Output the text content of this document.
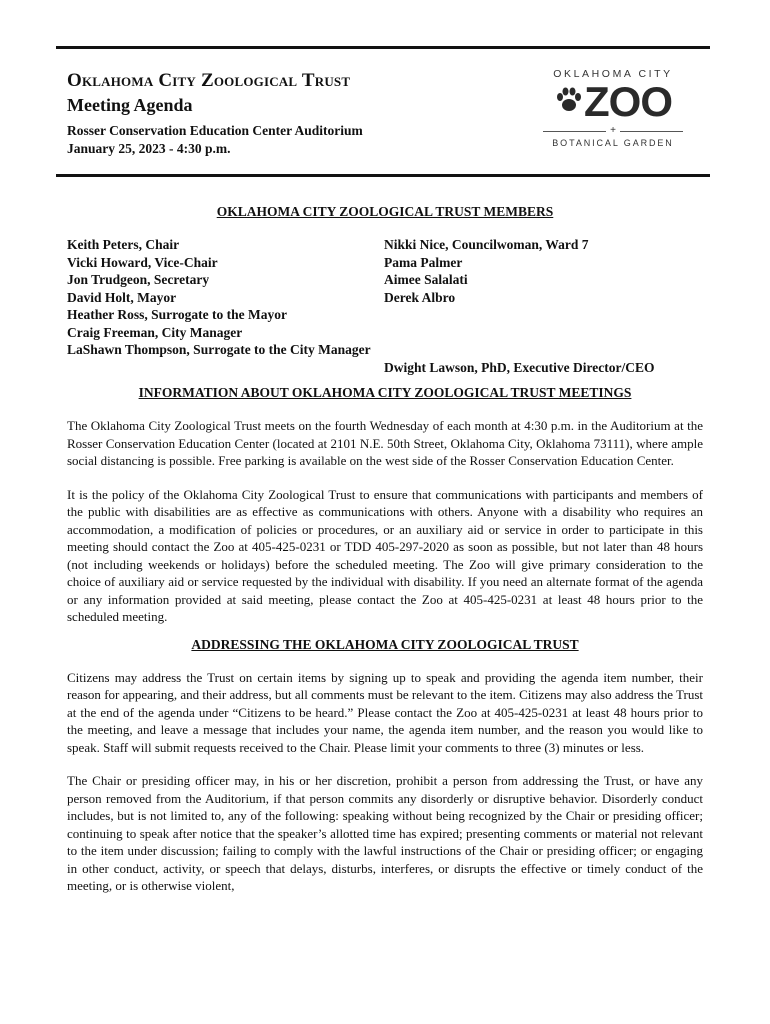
Oklahoma City Zoological Trust
Meeting Agenda
Rosser Conservation Education Center Auditorium
January 25, 2023 - 4:30 p.m.
OKLAHOMA CITY
ZOO
+
BOTANICAL GARDEN
OKLAHOMA CITY ZOOLOGICAL TRUST MEMBERS
Keith Peters, Chair
Vicki Howard, Vice-Chair
Jon Trudgeon, Secretary
David Holt, Mayor
Heather Ross, Surrogate to the Mayor
Craig Freeman, City Manager
LaShawn Thompson, Surrogate to the City Manager
Nikki Nice, Councilwoman, Ward 7
Pama Palmer
Aimee Salalati
Derek Albro
Dwight Lawson, PhD, Executive Director/CEO
INFORMATION ABOUT OKLAHOMA CITY ZOOLOGICAL TRUST MEETINGS

The Oklahoma City Zoological Trust meets on the fourth Wednesday of each month at 4:30 p.m. in the Auditorium at the Rosser Conservation Education Center (located at 2101 N.E. 50th Street, Oklahoma City, Oklahoma 73111), where ample social distancing is possible. Free parking is available on the west side of the Rosser Conservation Education Center.

It is the policy of the Oklahoma City Zoological Trust to ensure that communications with participants and members of the public with disabilities are as effective as communications with others. Anyone with a disability who requires an accommodation, a modification of policies or procedures, or an auxiliary aid or service in order to participate in this meeting should contact the Zoo at 405-425-0231 or TDD 405-297-2020 as soon as possible, but not later than 48 hours (not including weekends or holidays) before the scheduled meeting. The Zoo will give primary consideration to the choice of auxiliary aid or service requested by the individual with disability. If you need an alternate format of the agenda or any information provided at said meeting, please contact the Zoo at 405-425-0231 at least 48 hours prior to the scheduled meeting.

ADDRESSING THE OKLAHOMA CITY ZOOLOGICAL TRUST

Citizens may address the Trust on certain items by signing up to speak and providing the agenda item number, their reason for appearing, and their address, but all comments must be relevant to the item. Citizens may also address the Trust at the end of the agenda under “Citizens to be heard.” Please contact the Zoo at 405-425-0231 at least 48 hours prior to the meeting, and leave a message that includes your name, the agenda item number, and the reason you would like to speak. Staff will submit requests received to the Chair. Please limit your comments to three (3) minutes or less.

The Chair or presiding officer may, in his or her discretion, prohibit a person from addressing the Trust, or have any person removed from the Auditorium, if that person commits any disorderly or disruptive behavior. Disorderly conduct includes, but is not limited to, any of the following: speaking without being recognized by the Chair or presiding officer; continuing to speak after notice that the speaker’s allotted time has expired; presenting comments or material not relevant to the item under discussion; failing to comply with the lawful instructions of the Chair or presiding officer; or engaging in other conduct, activity, or speech that delays, disturbs, interferes, or disrupts the effective or timely conduct of the meeting, or is otherwise violent,
